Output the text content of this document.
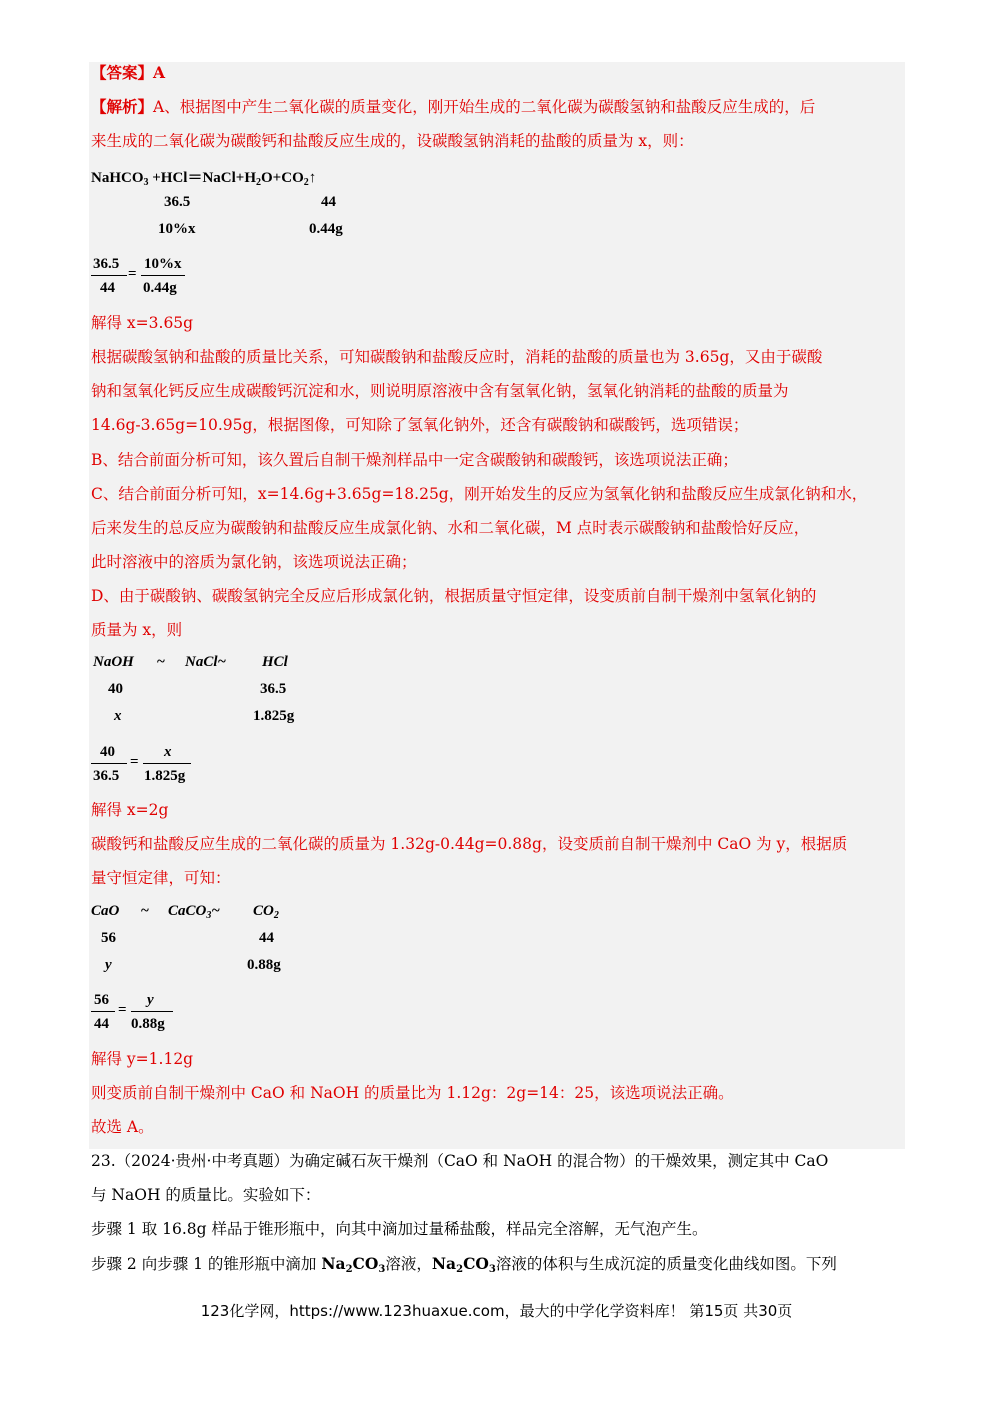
【答案】A
【解析】A、根据图中产生二氧化碳的质量变化，刚开始生成的二氧化碳为碳酸氢钠和盐酸反应生成的，后
来生成的二氧化碳为碳酸钙和盐酸反应生成的，设碳酸氢钠消耗的盐酸的质量为 x，则：
NaHCO$_3$ $+HCl=NaCl+H_2O+CO_2↑$
36.5	44
10%x	0.44g
36.5
44
=
10%x
0.44g
解得 x=3.65g
根据碳酸氢钠和盐酸的质量比关系，可知碳酸钠和盐酸反应时，消耗的盐酸的质量也为 3.65g，又由于碳酸
钠和氢氧化钙反应生成碳酸钙沉淀和水，则说明原溶液中含有氢氧化钠，氢氧化钠消耗的盐酸的质量为
14.6g-3.65g=10.95g，根据图像，可知除了氢氧化钠外，还含有碳酸钠和碳酸钙，选项错误；
B、结合前面分析可知，该久置后自制干燥剂样品中一定含碳酸钠和碳酸钙，该选项说法正确；
C、结合前面分析可知，x=14.6g+3.65g=18.25g，刚开始发生的反应为氢氧化钠和盐酸反应生成氯化钠和水，
后来发生的总反应为碳酸钠和盐酸反应生成氯化钠、水和二氧化碳，M 点时表示碳酸钠和盐酸恰好反应，
此时溶液中的溶质为氯化钠，该选项说法正确；
D、由于碳酸钠、碳酸氢钠完全反应后形成氯化钠，根据质量守恒定律，设变质前自制干燥剂中氢氧化钠的
质量为 x，则
NaOH ~ NaCl~ HCl
40	36.5
x	1.825g
40
36.5
=
x
1.825g
解得 x=2g
碳酸钙和盐酸反应生成的二氧化碳的质量为 1.32g-0.44g=0.88g，设变质前自制干燥剂中 CaO 为 y，根据质
量守恒定律，可知：
CaO ~ CaCO$_3$~ $CO_2$
56	44
y	0.88g
56
44
=
y
0.88g
解得 y=1.12g
则变质前自制干燥剂中 CaO 和 NaOH 的质量比为 1.12g：2g=14：25，该选项说法正确。
故选 A。
23.（2024·贵州·中考真题）为确定碱石灰干燥剂（CaO 和 NaOH 的混合物）的干燥效果，测定其中 CaO
与 NaOH 的质量比。实验如下：
步骤 1 取 16.8g 样品于锥形瓶中，向其中滴加过量稀盐酸，样品完全溶解，无气泡产生。
步骤 2 向步骤 1 的锥形瓶中滴加 $Na_2CO_3$溶液，$Na_2CO_3$溶液的体积与生成沉淀的质量变化曲线如图。下列
123化学网，https://www.123huaxue.com，最大的中学化学资料库！ 第15页 共30页
